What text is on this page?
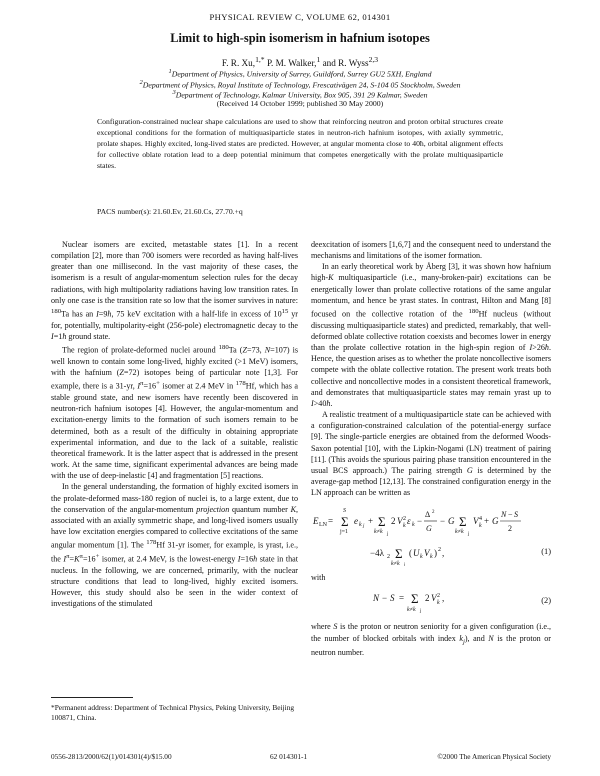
PHYSICAL REVIEW C, VOLUME 62, 014301
Limit to high-spin isomerism in hafnium isotopes
F. R. Xu,$^{1,*}$ P. M. Walker,$^1$ and R. Wyss$^{2,3}$
$^1$Department of Physics, University of Surrey, Guildford, Surrey GU2 5XH, England
$^2$Department of Physics, Royal Institute of Technology, Frescativägen 24, S-104 05 Stockholm, Sweden
$^3$Department of Technology, Kalmar University, Box 905, 391 29 Kalmar, Sweden
(Received 14 October 1999; published 30 May 2000)
Configuration-constrained nuclear shape calculations are used to show that reinforcing neutron and proton orbital structures create exceptional conditions for the formation of multiquasiparticle states in neutron-rich hafnium isotopes, with axially symmetric, prolate shapes. Highly excited, long-lived states are predicted. However, at angular momenta close to 40ħ, orbital alignment effects for collective oblate rotation lead to a deep potential minimum that competes energetically with the prolate multiquasiparticle states.
PACS number(s): 21.60.Ev, 21.60.Cs, 27.70.+q

Nuclear isomers are excited, metastable states [1]. In a recent compilation [2], more than 700 isomers were recorded as having half-lives greater than one millisecond. In the vast majority of these cases, the isomerism is a result of angular-momentum selection rules for the decay radiations, with high multipolarity radiations having low transition rates. In only one case is the transition rate so low that the isomer survives in nature: $^{180}$Ta has an I=9ħ, 75 keV excitation with a half-life in excess of $10^{15}$ yr for, potentially, multipolarity-eight (256-pole) electromagnetic decay to the I=1ħ ground state.

The region of prolate-deformed nuclei around $^{180}$Ta (Z=73, N=107) is well known to contain some long-lived, highly excited (>1 MeV) isomers, with the hafnium (Z=72) isotopes being of particular note [1,3]. For example, there is a 31-yr, $I^\pi=16^+$ isomer at 2.4 MeV in $^{178}$Hf, which has a stable ground state, and new isomers have recently been discovered in neutron-rich hafnium isotopes [4]. However, the angular-momentum and excitation-energy limits to the formation of such isomers remain to be determined, both as a result of the difficulty in obtaining appropriate experimental information, and due to the lack of a suitable, realistic theoretical framework. It is the latter aspect that is addressed in the present work. At the same time, significant experimental advances are being made with the use of deep-inelastic [4] and fragmentation [5] reactions.

In the general understanding, the formation of highly excited isomers in the prolate-deformed mass-180 region of nuclei is, to a large extent, due to the conservation of the angular-momentum projection quantum number K, associated with an axially symmetric shape, and long-lived isomers usually have low excitation energies compared to collective excitations of the same angular momentum [1]. The $^{178}$Hf 31-yr isomer, for example, is yrast, i.e., the $I^\pi=K^\pi=16^+$ isomer, at 2.4 MeV, is the lowest-energy I=16ħ state in that nucleus. In the following, we are concerned, primarily, with the nuclear structure conditions that lead to long-lived, highly excited isomers. However, this study should also be seen in the wider context of investigations of the stimulated

deexcitation of isomers [1,6,7] and the consequent need to understand the mechanisms and limitations of the isomer formation.

In an early theoretical work by Åberg [3], it was shown how hafnium high-K multiquasiparticle (i.e., many-broken-pair) excitations can be energetically lower than prolate collective rotations of the same angular momentum, and hence be yrast states. In contrast, Hilton and Mang [8] focused on the collective rotation of the $^{180}$Hf nucleus (without discussing multiquasiparticle states) and predicted, remarkably, that well-deformed oblate collective rotation coexists and becomes lower in energy than the prolate collective rotation in the high-spin region of I>26ħ. Hence, the question arises as to whether the prolate noncollective isomers compete with the oblate collective rotation. The present work treats both collective and noncollective modes in a consistent theoretical framework, and demonstrates that multiquasiparticle states may remain yrast up to I>40ħ.

A realistic treatment of a multiquasiparticle state can be achieved with a configuration-constrained calculation of the potential-energy surface [9]. The single-particle energies are obtained from the deformed Woods-Saxon potential [10], with the Lipkin-Nogami (LN) treatment of pairing [11]. (This avoids the spurious pairing phase transition encountered in the usual BCS approach.) The pairing strength G is determined by the average-gap method [12,13]. The constrained configuration energy in the LN approach can be written as

E LN = Σ
S
j=1
e k j
+ Σ
k≠k j
2 V 2
k ε k −
Δ 2
G
− G Σ
k≠k j
V 4
k + G
N − S
2
−4λ 2 Σ
k≠k j
( U k V k ) 2 ,	(1)
with
N − S = Σ
k≠k j
2 V 2
k ,	(2)

where S is the proton or neutron seniority for a given configuration (i.e., the number of blocked orbitals with index $k_j$), and N is the proton or neutron number.

*Permanent address: Department of Technical Physics, Peking University, Beijing 100871, China.
0556-2813/2000/62(1)/014301(4)/$15.00	62 014301-1	©2000 The American Physical Society
